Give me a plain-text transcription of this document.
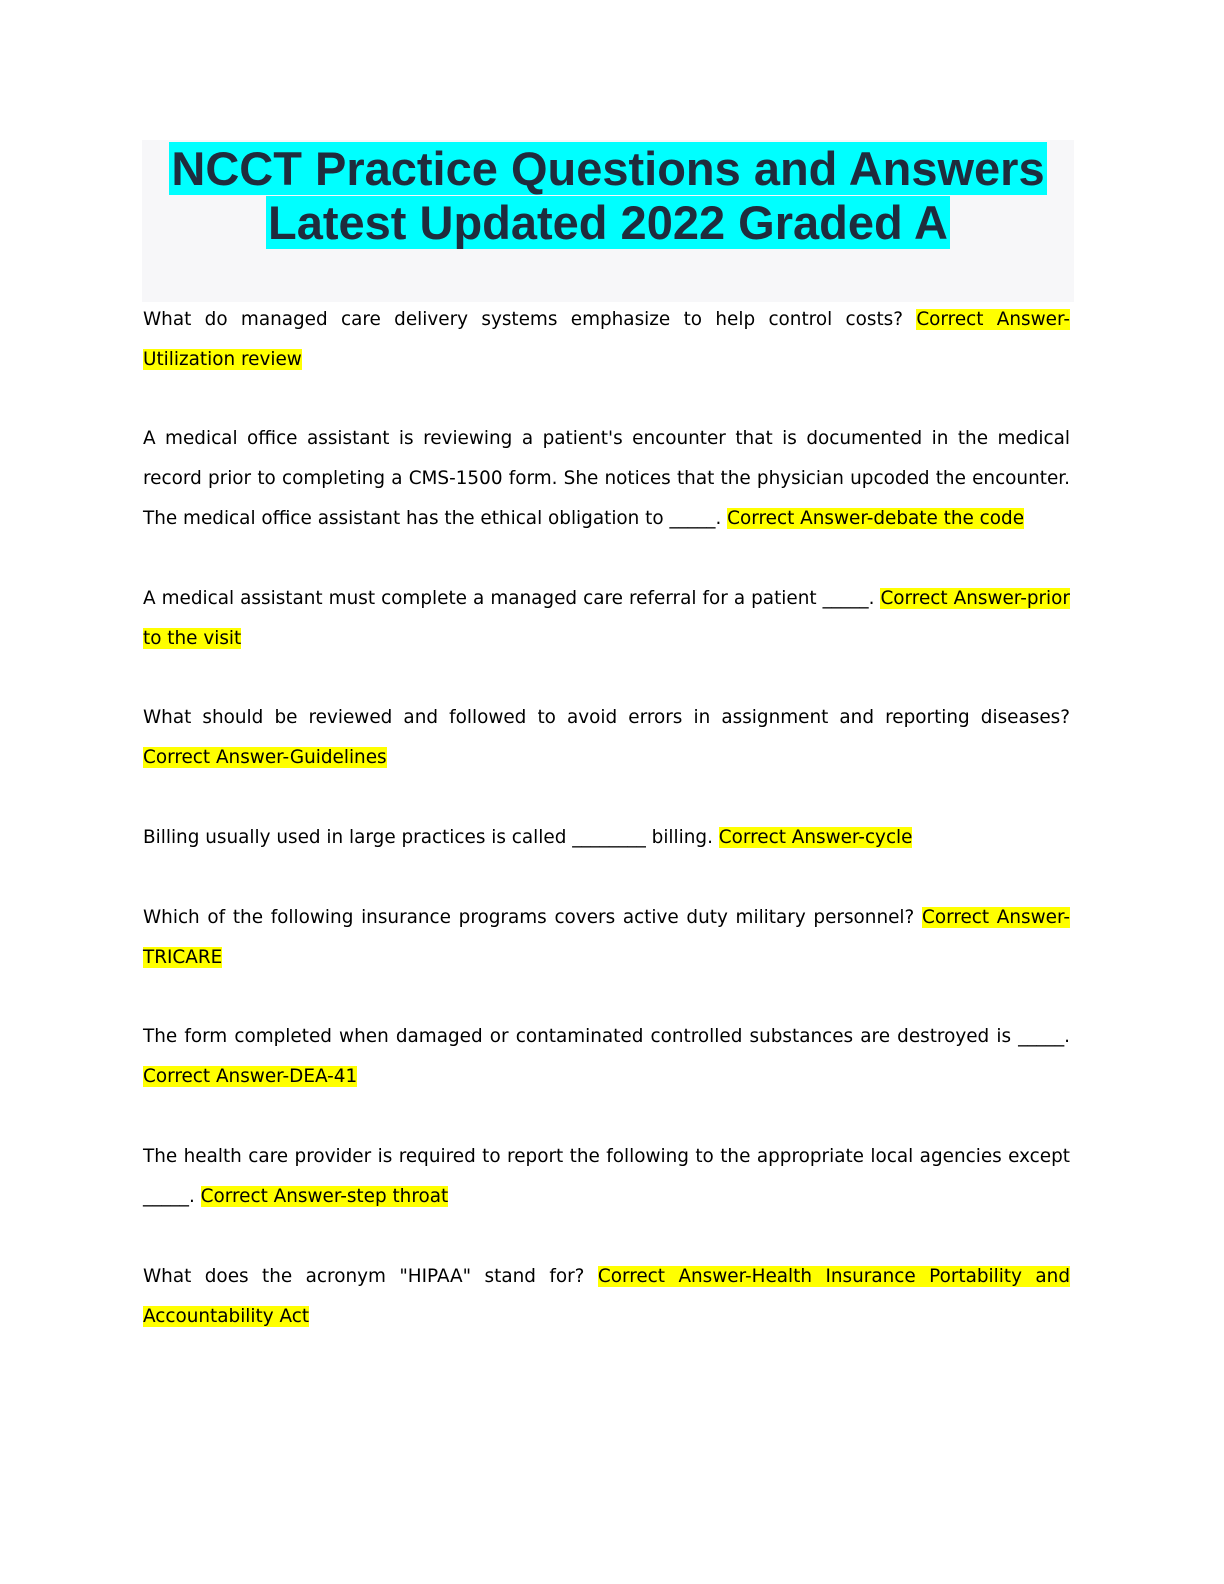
NCCT Practice Questions and Answers
Latest Updated 2022 Graded A

What do managed care delivery systems emphasize to help control costs? Correct Answer-Utilization review

A medical office assistant is reviewing a patient's encounter that is documented in the medical record prior to completing a CMS-1500 form. She notices that the physician upcoded the encounter. The medical office assistant has the ethical obligation to _____. Correct Answer-debate the code

A medical assistant must complete a managed care referral for a patient _____. Correct Answer-prior to the visit

What should be reviewed and followed to avoid errors in assignment and reporting diseases? Correct Answer-Guidelines

Billing usually used in large practices is called ________ billing. Correct Answer-cycle

Which of the following insurance programs covers active duty military personnel? Correct Answer-TRICARE

The form completed when damaged or contaminated controlled substances are destroyed is _____. Correct Answer-DEA-41

The health care provider is required to report the following to the appropriate local agencies except _____. Correct Answer-step throat

What does the acronym "HIPAA" stand for? Correct Answer-Health Insurance Portability and Accountability Act
